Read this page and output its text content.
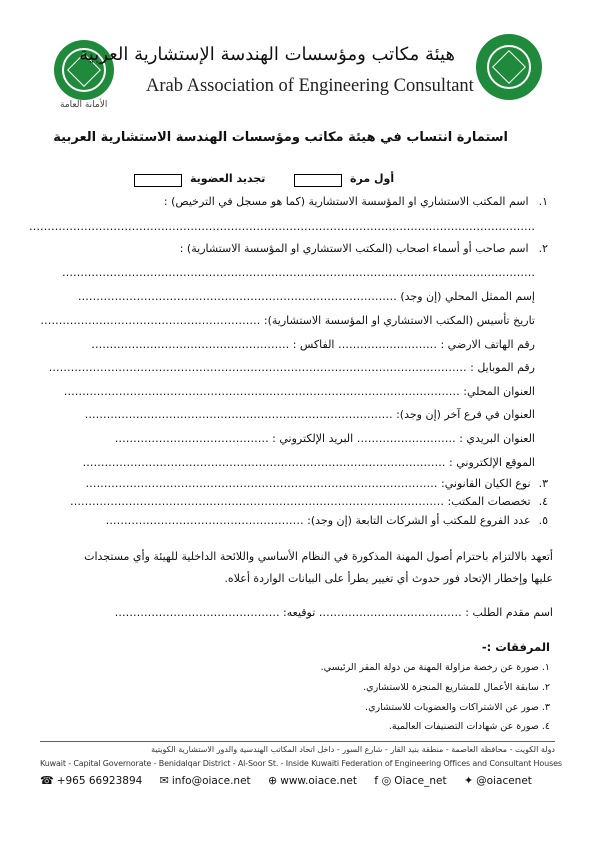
الأمانة العامة
هيئة مكاتب ومؤسسات الهندسة الإستشارية العربية
Arab Association of Engineering Consultant
استمارة انتساب في هيئة مكاتب ومؤسسات الهندسة الاستشارية العربية
أول مرة
تجديد العضوية
١.اسم المكتب الاستشاري او المؤسسة الاستشارية (كما هو مسجل في الترخيص) :
…………………………………………………………………………………………………………………………
٢.اسم صاحب أو أسماء اصحاب (المكتب الاستشاري او المؤسسة الاستشارية) :
…………………………………………………………………………………………………………………
إسم الممثل المحلي (إن وجد) ……………………………………………………………………………
تاريخ تأسيس (المكتب الاستشاري او المؤسسة الاستشارية): ……………………………………………………
رقم الهاتف الارضي : ……………………… الفاكس : ………………………………………………
رقم الموبايل : ……………………………………………………………………………………………………
العنوان المحلي: ………………………………………………………………………………………………
العنوان في فرع آخر (إن وجد): …………………………………………………………………………
العنوان البريدي : ……………………… البريد الإلكتروني : ……………………………………
الموقع الإلكتروني : ………………………………………………………………………………………
٣.نوع الكيان القانوني: ……………………………………………………………………………………
٤.تخصصات المكتب: …………………………………………………………………………………………
٥.عدد الفروع للمكتب أو الشركات التابعة (إن وجد): ………………………………………………
أتعهد بالالتزام باحترام أصول المهنة المذكورة في النظام الأساسي واللائحة الداخلية للهيئة وأي مستجدات
عليها وإخطار الإتحاد فور حدوث أي تغيير يطرأ على البيانات الواردة أعلاه.
اسم مقدم الطلب : ………………………………… توقيعه: ………………………………………
المرفقات :-
١. صورة عن رخصة مزاولة المهنة من دولة المقر الرئيسي.
٢. سابقة الأعمال للمشاريع المنجزة للاستشاري.
٣. صور عن الاشتراكات والعضويات للاستشاري.
٤. صورة عن شهادات التصنيفات العالمية.
دولة الكويت - محافظة العاصمة - منطقة بنيد القار - شارع السور - داخل اتحاد المكاتب الهندسية والدور الاستشارية الكويتية
Kuwait - Capital Governorate - Benidalqar District - Al-Soor St. - Inside Kuwaiti Federation of Engineering Offices and Consultant Houses
☎ +965 66923894 ✉ info@oiace.net ⊕ www.oiace.net f ◎ Oiace_net ✦ @oiacenet
